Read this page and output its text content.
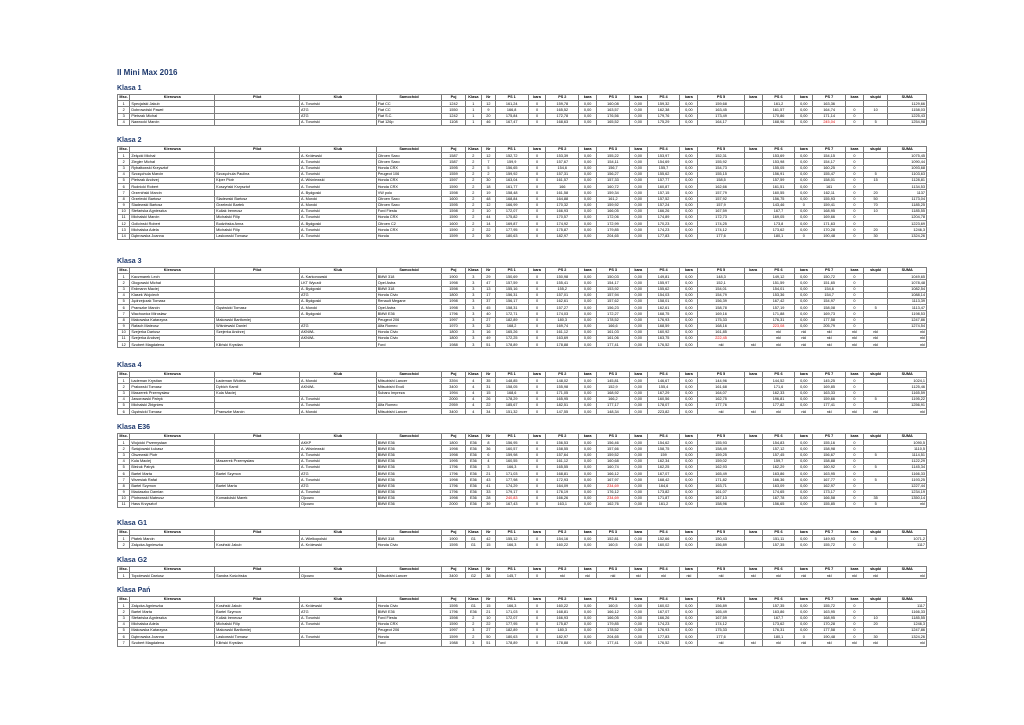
II Mini Max 2016
Klasa 1
Msc.	Kierowca	Pilot	Klub	Samochód	Poj	Klasa	Nr	PS 1	kara	PS 2	kara	PS 3	kara	PS 4	kara	PS 5	kara	PS 6	kara	PS 7	kara	słupki	SUMA
1	Specjalski Jakub		A. Toruński	Fiat CC	1242	1	12	161,24	0	159,78	0,00	160,08	0,00	159,32	0,00	159,68		161,2	0,00	163,36			1129,66
2	Dobrowolski Paweł		ATG	Fiat CC	1550	1	9	166,8	0	165,52	0,00	163,57	0,00	162,38	0,00	163,45		161,57	0,00	164,74	0	10	1158,03
3	Pietrzak Michał		ATG	Fiat S.C.	1242	1	20	175,84	0	172,78	0,00	176,56	0,00	179,76	0,00	173,49		170,86	0,00	171,14	0		1225,43
4	Nawrocki Marcin		A. Toruński	Fiat 126p	1108	1	46	167,47	0	168,63	0,00	165,52	0,00	175,29	0,00	164,17		168,96	0,00	245,04	0	5	1254,98
Klasa 2
Msc.	Kierowca	Pilot	Klub	Samochód	Poj	Klasa	Nr	PS 1	kara	PS 2	kara	PS 3	kara	PS 4	kara	PS 5	kara	PS 6	kara	PS 7	kara	słupki	SUMA
1	Żełęcki Michał		A. Królewski	Citroen Saxo	1587	2	12	152,72	0	153,39	0,00	155,22	0,00	153,97	0,00	152,31		153,69	0,00	154,15	0		1075,45
2	Ziegler Michał		A. Toruński	Citroen Saxo	1587	2	7	159,9	0	157,67	0,00	154,11	0,00	154,69	0,00	155,92		153,98	0,00	154,17	0		1090,44
3	Rybałtowski Krzysztof		A. Toruński	Honda CRX	1595	2	5	156,65	0	154,6	0,00	156,7	0,00	155,7	0,00	154,73		155,05	0,00	160,25	0		1093,68
4	Szczęchula Marcin	Szczęchula Paulina	A. Toruński	Peugeot 106	1559	2	2	159,92	0	157,31	0,00	156,27	0,00	155,62	0,00	155,15		156,91	0,00	155,47	0	5	1103,63
5	Pietrzak Andrzej	Kiper Piotr	A. Wiśniewski	Honda CRX	1597	2	30	163,04	0	161,57	0,00	157,33	0,00	157,77	0,00	158,5		157,59	0,00	158,01	0	15	1128,81
6	Rudnicki Robert	Koszyński Krzysztof	A. Toruński	Honda CRX	1590	2	18	161,77	0	166	0,00	160,72	0,00	160,87	0,00	162,66		161,51	0,00	161	0		1134,53
7	Orzeniński Marcin		A. Bydgoski	VW polo	1598	2	19	158,48	0	161,58	0,00	159,34	0,00	157,15	0,00	157,79		160,55	0,00	162,11	0	20	1137
8	Grzelecki Bartosz	Śladewski Bartosz	A. Moroki	Citroen Saxo	1600	2	48	168,84	0	164,88	0,00	161,2	0,00	157,52	0,00	157,92		156,75	0,00	155,93	0	50	1173,04
9	Śladewski Bartosz	Grzelecki Bartek	A. Moroki	Citroen Saxo	1595	2	12	166,99	0	170,32	0,00	159,92	0,00	157,24	0,00	157,9		143,46	0	159,41	0	70	1185,25
10	Stefańska Agnieszka	Kuliak Ireneusz	A. Toruński	Ford Fiesta	1598	2	10	172,07	0	166,93	0,00	166,05	0,00	166,26	0,00	167,59		167,7	0,00	168,95	0	10	1185,55
11	Michalski Marcin	Michalski Filip	A. Toruński	Honda CRX	1590	2	44	175,82	0	170,57	0,00	172,06	0,00	174,89	0,00	172,73		169,05	0,00	169,66	0		1204,78
12	Golicinski Robert	Budzińska Anna	A. Bydgoski	Citroen C2	1600	2	14	169,87	0	174,92	0,00	172,99	0,00	170,23	0,00	174,25		173,8	0,00	171,63	0		1223,69
13	Michalska Adela	Michalski Filip	A. Toruński	Honda CRX	1590	2	22	177,95	0	175,87	0,00	179,85	0,00	174,23	0,00	174,12		173,62	0,00	170,28	0	20	1246,3
14	Dąbrowska Joanna	Laskowski Tomasz	A. Toruński	Honda	1599	2	50	180,63	0	182,97	0,00	204,65	0,00	177,83	0,00	177,6		180,1	0	190,48	0	30	1324,26
Klasa 3
Msc.	Kierowca	Pilot	Klub	Samochód	Poj	Klasa	Nr	PS 1	kara	PS 2	kara	PS 3	kara	PS 4	kara	PS 5	kara	PS 6	kara	PS 7	kara	słupki	SUMA
1	Kaczmarek Lech		A. Karkonowski	BMW 318	1900	3	29	150,69	0	150,98	0,00	150,03	0,00	149,81	0,00	148,3		149,12	0,00	150,72	0		1049,65
2	Głogowski Michał		LKT Wyczół	Opel Astra	1998	3	47	157,59	0	155,41	0,00	154,17	0,00	155,97	0,00	152,1		151,59	0,00	151,65	0		1078,48
3	Erdmann Maciej		A. Bydgoski	BMW 318	1598	3	13	155,16	0	155,2	0,00	153,92	0,00	155,62	0,00	154,01		154,01	0,00	154,6	0		1082,54
4	Klasek Wojciech		ATG	Honda Civic	1800	3	17	156,31	0	157,01	0,00	157,94	0,00	154,03	0,00	154,79		153,36	0,00	154,7	0		1088,14
5	Jędrzejczak Tomasz		A. Bydgoski	Renault Megane	1998	3	37	156,17	0	162,61	0,00	157,62	0,00	158,01	0,00	156,39		167,42	0,00	154,97	0		1113,39
6	Pranszke Marcin	Gęstwicki Tomasz	A. Moroki	Opel Astra	1998	3	45	158,31	0	157,27	0,00	156,23	0,00	162,61	0,00	158,78		157,19	0,00	158,08	0	5	1113,47
7	Wachowicz Mirosław		A. Bydgoski	BMW E36	1796	3	40	172,71	0	174,03	0,00	172,27	0,00	168,75	0,00	169,16		171,88	0,00	169,73	0		1198,53
8	Makowska Katarzyna	Makowski Bartłomiej		Peugeot 206	1997	3	27	182,89	0	180,3	0,00	178,52	0,00	176,93	0,00	175,33		176,31	0,00	177,58	0		1247,86
9	Rafach Mateusz	Wiśniewski Daniel	ATG	Alfa Romeo	1970	3	32	168,2	0	169,74	0,00	166,6	0,00	168,59	0,00	168,16		223,08	0,00	205,79	0		1274,54
10	Szejerka Dariusz	Szejerka Andrzej	AKNWL	Honda Civic	1800	3	16	165,26	0	161,12	0,00	161,03	0,00	160,92	0,00	161,85		nkl	nkl	nkl	nkl	nkl	nkl
11	Szejerka Andrzej		AKNWL	Honda Civic	1800	3	49	172,25	0	163,69	0,00	161,06	0,00	163,75	0,00	222,45		nkl	nkl	nkl	nkl	nkl	nkl
12	Szubert Magdalena	Kiliński Krystian		Ford	1988	3	51	178,89	0	178,88	0,00	177,41	0,00	176,52	0,00	nkl	nkl	nkl	nkl	nkl	nkl	nkl	nkl
Klasa 4
Msc.	Kierowca	Pilot	Klub	Samochód	Poj	Klasa	Nr	PS 1	kara	PS 2	kara	PS 3	kara	PS 4	kara	PS 5	kara	PS 6	kara	PS 7	kara	słupki	SUMA
1	Łademan Krystian	Łademan Wioleta	A. Moroki	Mitsubishi Lancer	3394	4	35	148,85	0	148,02	0,00	145,81	0,00	146,67	0,00	144,96		144,52	0,00	145,25	0		1024,1
2	Prałowski Tomasz	Dybich Kamil	AKNWL	Mitsubishi Evo6	3400	4	31	158,05	0	155,98	0,00	152,9	0,00	155,4	0,00	161,68		171,6	0,00	169,85	0		1125,46
3	Maszerek Przemysław	Kula Maciej		Subaru Impreza	1994	4	15	168,6	0	171,05	0,00	168,92	0,00	167,29	0,00	164,07		162,33	0,00	163,33	0		1165,59
4	Jaworowski Patryk		A. Toruński		2000	4	26	178,29	0	165,95	0,00	166,2	0,00	160,56	0,00	162,75		196,81	0,00	159,66	0	5	1195,22
5	Michalski Zbigniew		A. Toruński	Alfa Romeo	2959	4	22	185,67	0	182,51	0,00	177,17	0,00	178,07	0,00	177,76		177,82	0,00	177,41	0		1256,91
6	Gęstwicki Tomasz	Pranszke Marcin	A. Moroki	Mitsubishi Lancer	3400	4	34	151,32	0	147,55	0,00	148,34	0,00	223,82	0,00	nkl	nkl	nkl	nkl	nkl	nkl	nkl	nkl
Klasa E36
Msc.	Kierowca	Pilot	Klub	Samochód	Poj	Klasa	Nr	PS 1	kara	PS 2	kara	PS 3	kara	PS 4	kara	PS 5	kara	PS 6	kara	PS 7	kara	słupki	SUMA
1	Wojcicki Przemysław		AKKP	BMW E36	1800	E36	8	156,95	0	156,53	0,00	156,46	0,00	154,62	0,00	155,93		154,83	0,00	155,16	0		1090,5
2	Świątowski Łukasz		A. Wiśniewski	BMW E36	1998	E36	36	160,57	0	158,55	0,00	157,66	0,00	158,75	0,00	158,49		157,12	0,00	158,98	0		1110,5
3	Olszewski Piotr		A. Toruński	BMW E36	1998	E36	6	159,98	0	157,64	0,00	159,52	0,00	159	0,00	159,25		157,45	0,00	156,67	0	5	1114,51
4	Kula Maciej	Maszerek Przemysław	A. Toruński	BMW E36	1995	E36	4	160,55	0	161,12	0,00	160,68	0,00	162,34	0,00	159,02		159,7	0,00	158,88	0		1122,29
5	Bieżuk Patryk		A. Toruński	BMW E36	1796	E36	3	166,3	0	165,55	0,00	160,74	0,00	162,25	0,00	162,93		162,29	0,00	160,92	0	5	1145,34
6	Bartel Marta	Bartel Szymon	ATG	BMW E36	1796	E36	21	171,03	0	168,81	0,00	166,12	0,00	167,07	0,00	165,49		163,86	0,00	163,95	0		1166,33
7	Wrzesiak Rafał		A. Toruński	BMW E36	1998	E36	43	177,98	0	172,93	0,00	167,97	0,00	168,42	0,00	171,82		166,36	0,00	167,77	0	5	1193,25
8	Bartel Szymon	Bartel Marta	ATG	BMW E36	1796	E36	41	174,29	0	164,09	0,00	234,69	0,00	164,6	0,00	163,71		163,09	0,00	162,97	0		1227,44
9	Maciaszko Damian		A. Toruński	BMW E36	1796	E36	33	179,17	0	176,19	0,00	176,12	0,00	173,82	0,00	161,07		174,65	0,00	173,17	0		1234,19
10	Piotrowski Mateusz	Komadulski Marek	Ojcowo	BMW E36	1998	E36	28	240,83	0	166,26	0,00	234,69	0,00	171,87	0,00	167,13		167,78	0,00	166,58	0	35	1350,14
11	Hass Krzysztof		Ojcowo	BMW E36	2000	E36	39	167,43	0	163,1	0,00	162,76	0,00	161,2	0,00	158,96		156,65	0,00	155,85	0	5	nkl
Klasa G1
Msc.	Kierowca	Pilot	Klub	Samochód	Poj	Klasa	Nr	PS 1	kara	PS 2	kara	PS 3	kara	PS 4	kara	PS 5	kara	PS 6	kara	PS 7	kara	słupki	SUMA
1	Ptatek Marcin		A. Wielkopolski	BMW 318	1900	G1	42	155,12	0	154,16	0,00	152,81	0,00	152,66	0,00	150,43		151,11	0,00	149,93	0	5	1071,2
2	Zalęcka Agnieszka	Kosiński Jakub	A. Królewski	Honda Civic	1595	G1	15	166,3	0	160,22	0,00	160,5	0,00	160,02	0,00	156,89		157,35	0,00	155,72	0		1117
Klasa G2
Msc.	Kierowca	Pilot	Klub	Samochód	Poj	Klasa	Nr	PS 1	kara	PS 2	kara	PS 3	kara	PS 4	kara	PS 5	kara	PS 6	kara	PS 7	kara	słupki	SUMA
1	Topolewski Dariusz	Sandra Kościńska	Ojcowo	Mitsubishi Lancer	3400	G2	38	145,7	0	nkl	nkl	nkl	nkl	nkl	nkl	nkl	nkl	nkl	nkl	nkl	nkl	nkl	nkl
Klasa Pań
Msc.	Kierowca	Pilot	Klub	Samochód	Poj	Klasa	Nr	PS 1	kara	PS 2	kara	PS 3	kara	PS 4	kara	PS 5	kara	PS 6	kara	PS 7	kara	słupki	SUMA
1	Zalęcka Agnieszka	Kosiński Jakub	A. Królewski	Honda Civic	1595	G1	15	166,3	0	160,22	0,00	160,5	0,00	160,02	0,00	156,89		157,35	0,00	155,72	0		1117
2	Bartel Marta	Bartel Szymon	ATG	BMW E36	1796	E36	21	171,03	0	168,81	0,00	166,12	0,00	167,07	0,00	165,49		163,86	0,00	163,95	0		1166,33
3	Stefańska Agnieszka	Kuliak Ireneusz	A. Toruński	Ford Fiesta	1598	2	10	172,07	0	166,93	0,00	166,05	0,00	166,26	0,00	167,59		167,7	0,00	168,95	0	10	1185,55
4	Michalska Adela	Michalski Filip	A. Toruński	Honda CRX	1590	2	22	177,95	0	175,87	0,00	179,85	0,00	174,23	0,00	174,12		173,62	0,00	170,28	0	20	1246,3
5	Makowska Katarzyna	Makowski Bartłomiej		Peugeot 206	1997	3	27	182,89	0	180,3	0,00	178,52	0,00	176,93	0,00	175,33		176,31	0,00	177,58	0		1247,86
6	Dąbrowska Joanna	Laskowski Tomasz	A. Toruński	Honda	1599	2	50	180,63	0	182,97	0,00	204,65	0,00	177,83	0,00	177,6		180,1	0	190,48	0	30	1324,26
7	Szubert Magdalena	Kiliński Krystian		Ford	1988	3	51	178,89	0	178,88	0,00	177,41	0,00	176,52	0,00	nkl	nkl	nkl	nkl	nkl	nkl	nkl	nkl
